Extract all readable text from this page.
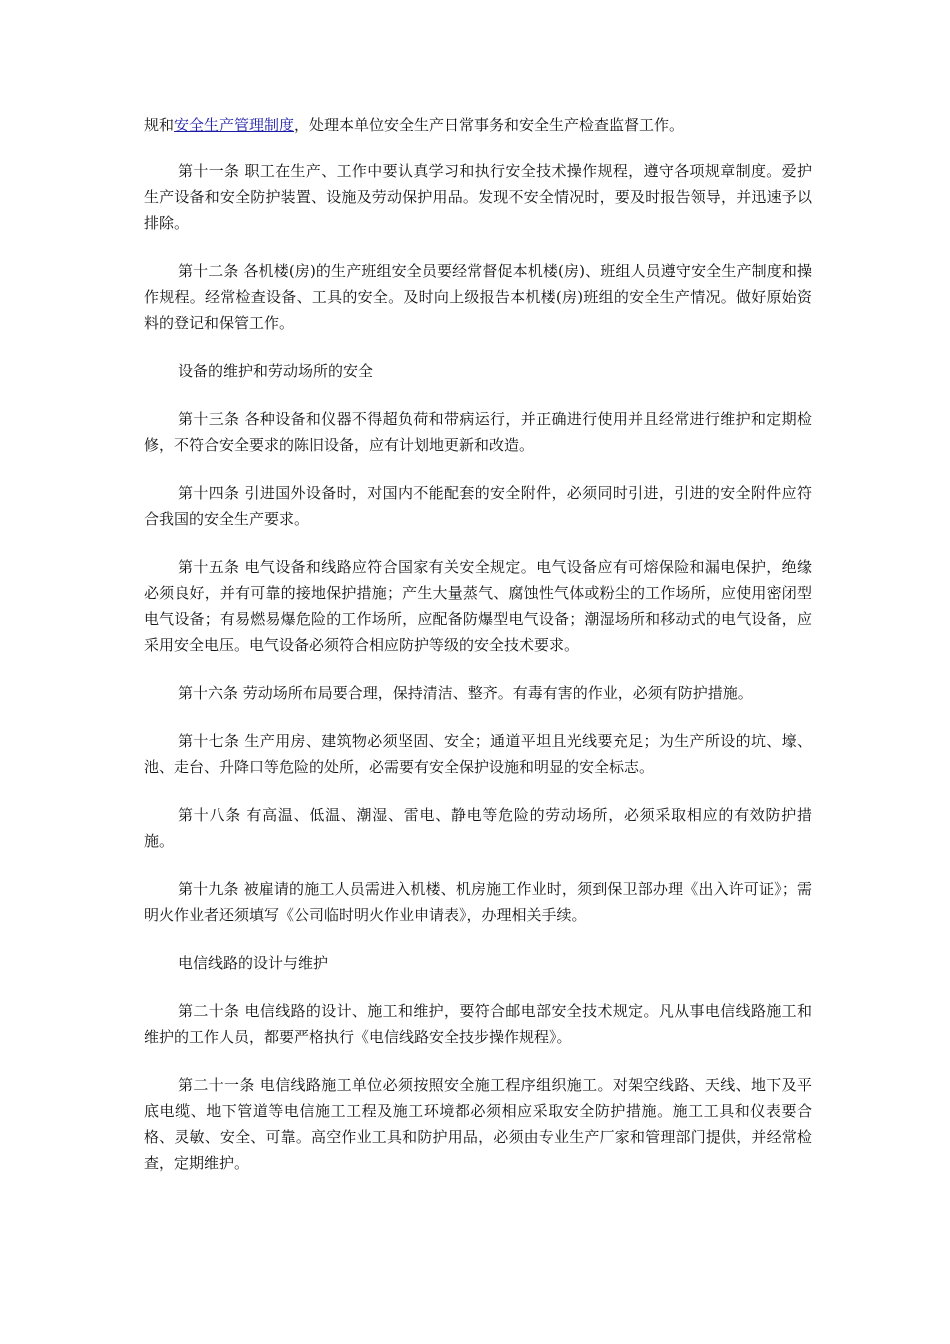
规和安全生产管理制度，处理本单位安全生产日常事务和安全生产检查监督工作。

第十一条 职工在生产、工作中要认真学习和执行安全技术操作规程，遵守各项规章制度。爱护生产设备和安全防护装置、设施及劳动保护用品。发现不安全情况时，要及时报告领导，并迅速予以排除。

第十二条 各机楼(房)的生产班组安全员要经常督促本机楼(房)、班组人员遵守安全生产制度和操作规程。经常检查设备、工具的安全。及时向上级报告本机楼(房)班组的安全生产情况。做好原始资料的登记和保管工作。

设备的维护和劳动场所的安全

第十三条 各种设备和仪器不得超负荷和带病运行，并正确进行使用并且经常进行维护和定期检修，不符合安全要求的陈旧设备，应有计划地更新和改造。

第十四条 引进国外设备时，对国内不能配套的安全附件，必须同时引进，引进的安全附件应符合我国的安全生产要求。

第十五条 电气设备和线路应符合国家有关安全规定。电气设备应有可熔保险和漏电保护，绝缘必须良好，并有可靠的接地保护措施；产生大量蒸气、腐蚀性气体或粉尘的工作场所，应使用密闭型电气设备；有易燃易爆危险的工作场所，应配备防爆型电气设备；潮湿场所和移动式的电气设备，应采用安全电压。电气设备必须符合相应防护等级的安全技术要求。

第十六条 劳动场所布局要合理，保持清洁、整齐。有毒有害的作业，必须有防护措施。

第十七条 生产用房、建筑物必须坚固、安全；通道平坦且光线要充足；为生产所设的坑、壕、池、走台、升降口等危险的处所，必需要有安全保护设施和明显的安全标志。

第十八条 有高温、低温、潮湿、雷电、静电等危险的劳动场所，必须采取相应的有效防护措施。

第十九条 被雇请的施工人员需进入机楼、机房施工作业时，须到保卫部办理《出入许可证》；需明火作业者还须填写《公司临时明火作业申请表》，办理相关手续。

电信线路的设计与维护

第二十条 电信线路的设计、施工和维护，要符合邮电部安全技术规定。凡从事电信线路施工和维护的工作人员，都要严格执行《电信线路安全技步操作规程》。

第二十一条 电信线路施工单位必须按照安全施工程序组织施工。对架空线路、天线、地下及平底电缆、地下管道等电信施工工程及施工环境都必须相应采取安全防护措施。施工工具和仪表要合格、灵敏、安全、可靠。高空作业工具和防护用品，必须由专业生产厂家和管理部门提供，并经常检查，定期维护。
